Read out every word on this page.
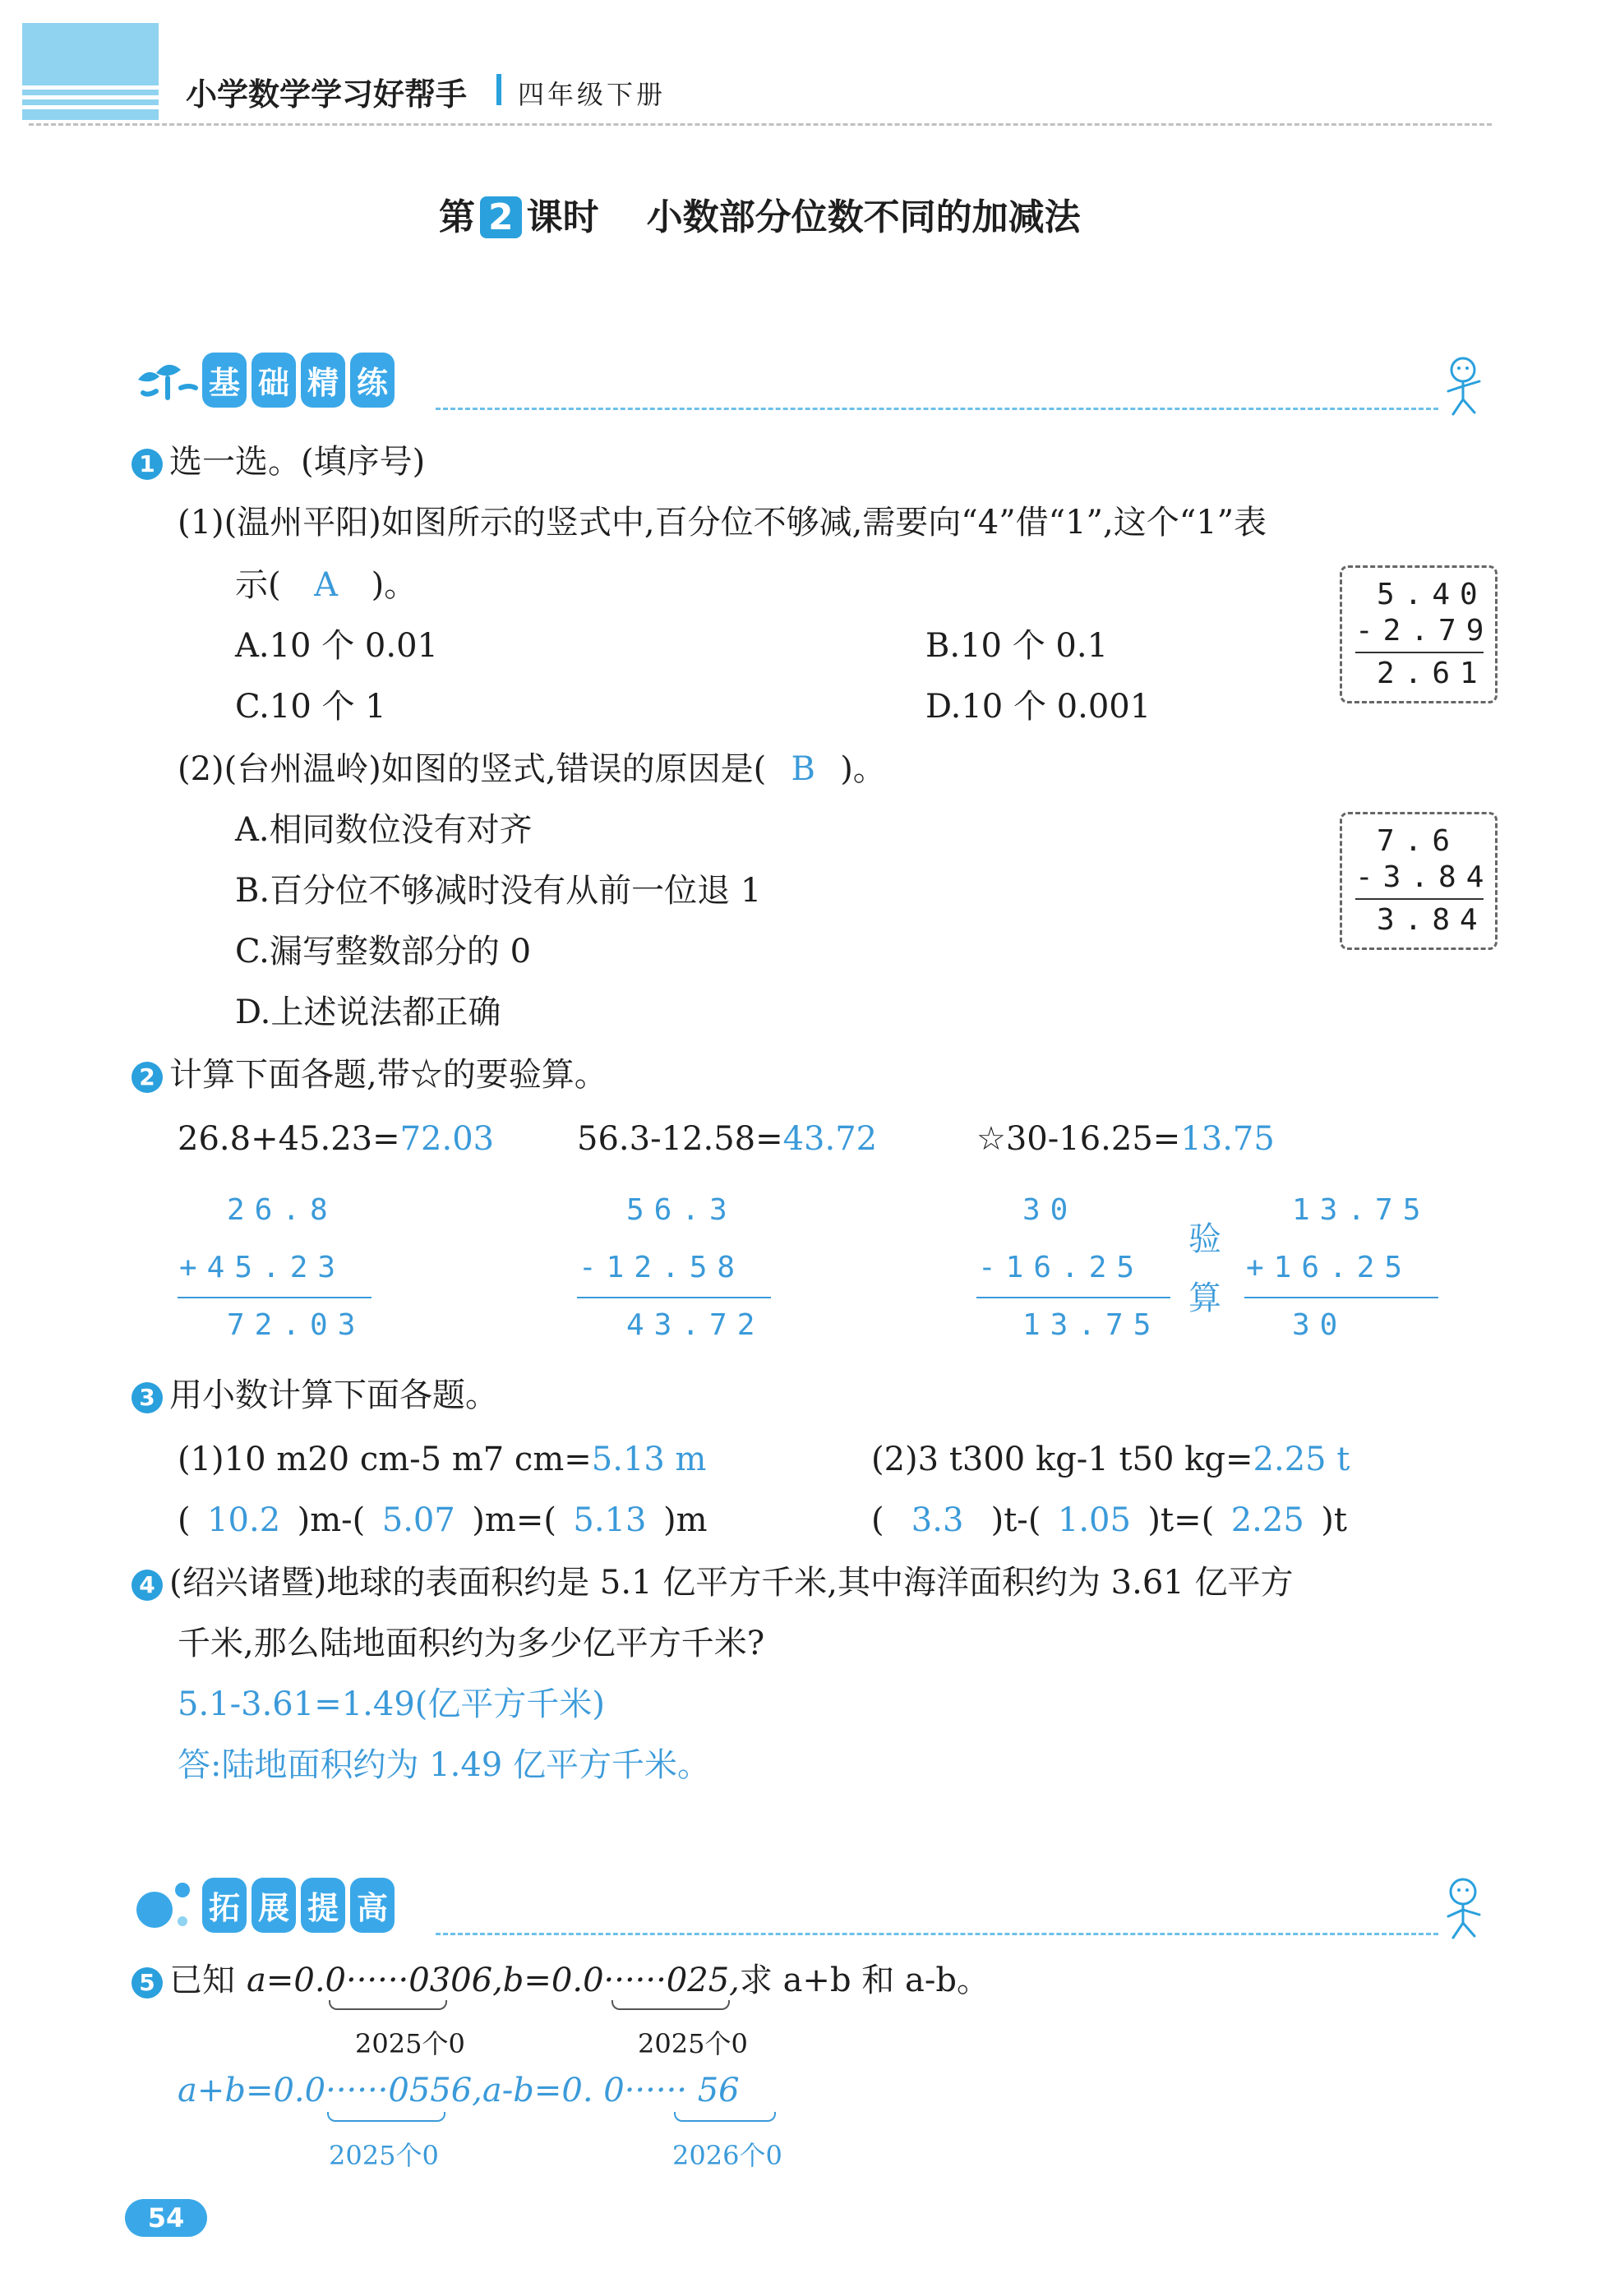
小学数学学习好帮手 四年级下册
第 2 课时 小数部分位数不同的加减法
基 础 精 练
1 选一选。(填序号)
(1)(温州平阳)如图所示的竖式中,百分位不够减,需要向“4”借“1”,这个“1”表
示( A )。
A.10 个 0.01	B.10 个 0.1
C.10 个 1	D.10 个 0.001
5.40
-2.79
2.61
(2)(台州温岭)如图的竖式,错误的原因是( B )。
A.相同数位没有对齐
B.百分位不够减时没有从前一位退 1
C.漏写整数部分的 0
D.上述说法都正确
7.6
-3.84
3.84
2 计算下面各题,带☆的要验算。
26.8+45.23=72.03	56.3-12.58=43.72	☆30-16.25=13.75
26.8
+45.23
72.03
56.3
-12.58
43.72
30
-16.25
13.75
验
算
13.75
+16.25
30
3 用小数计算下面各题。
(1)10 m20 cm-5 m7 cm=5.13 m	(2)3 t300 kg-1 t50 kg=2.25 t
( 10.2 )m-( 5.07 )m=( 5.13 )m	( 3.3 )t-( 1.05 )t=( 2.25 )t
4 (绍兴诸暨)地球的表面积约是 5.1 亿平方千米,其中海洋面积约为 3.61 亿平方
千米,那么陆地面积约为多少亿平方千米?
5.1-3.61=1.49(亿平方千米)
答:陆地面积约为 1.49 亿平方千米。
拓 展 提 高
5 已知 a=0.0······0306,b=0.0······025,求 a+b 和 a-b。
2025个0	2025个0
a+b=0.0······0556,a-b=0. 0······ 56
2025个0	2026个0
54
